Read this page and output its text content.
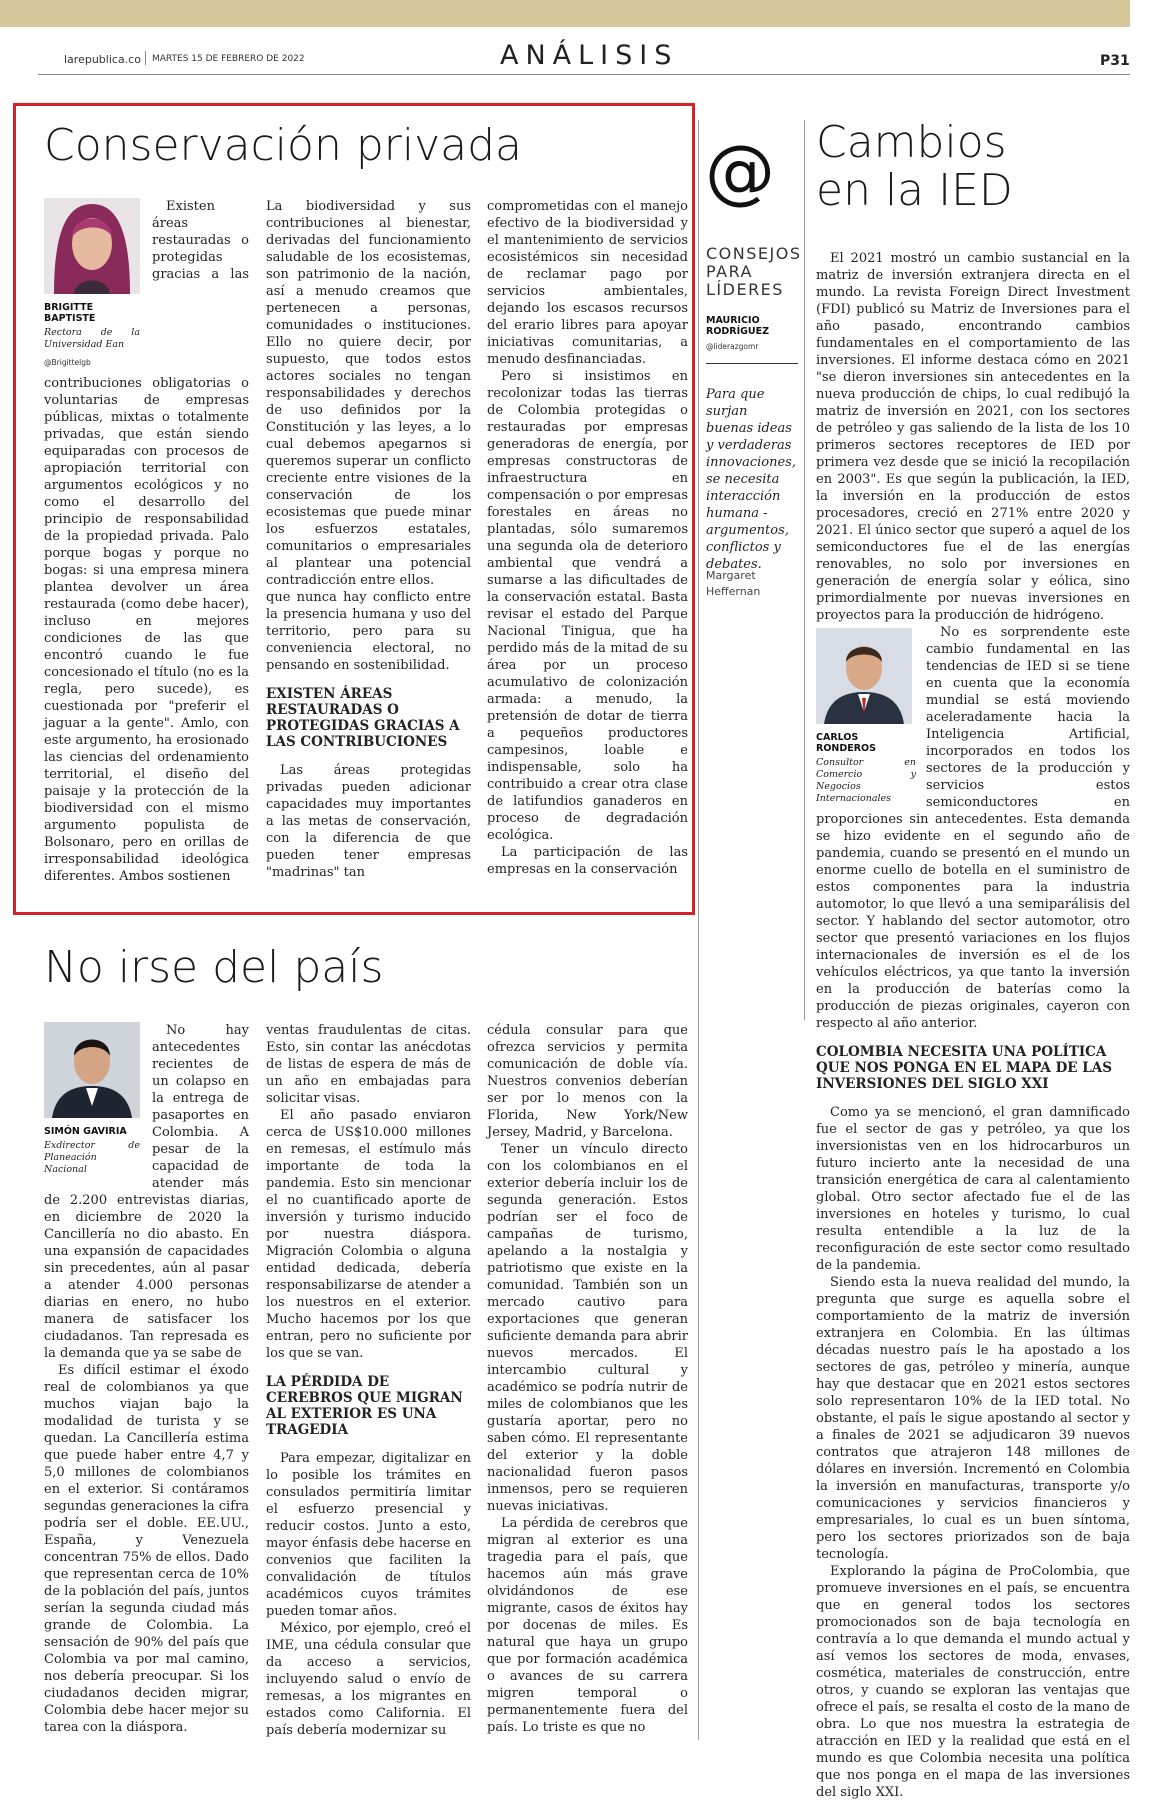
larepublica.co MARTES 15 DE FEBRERO DE 2022	ANÁLISIS	P31
Conservación privada
BRIGITTE BAPTISTE
Rectora de la Universidad Ean
@Brigittelgb

Existen áreas restauradas o protegidas gracias a las contribuciones obligatorias o voluntarias de empresas públicas, mixtas o totalmente privadas, que están siendo equiparadas con procesos de apropiación territorial con argumentos ecológicos y no como el desarrollo del principio de responsabilidad de la propiedad privada. Palo porque bogas y porque no bogas: si una empresa minera plantea devolver un área restaurada (como debe hacer), incluso en mejores condiciones de las que encontró cuando le fue concesionado el título (no es la regla, pero sucede), es cuestionada por "preferir el jaguar a la gente". Amlo, con este argumento, ha erosionado las ciencias del ordenamiento territorial, el diseño del paisaje y la protección de la biodiversidad con el mismo argumento populista de Bolsonaro, pero en orillas de irresponsabilidad ideológica diferentes. Ambos sostienen

La biodiversidad y sus contribuciones al bienestar, derivadas del funcionamiento saludable de los ecosistemas, son patrimonio de la nación, así a menudo creamos que pertenecen a personas, comunidades o instituciones. Ello no quiere decir, por supuesto, que todos estos actores sociales no tengan responsabilidades y derechos de uso definidos por la Constitución y las leyes, a lo cual debemos apegarnos si queremos superar un conflicto creciente entre visiones de la conservación de los ecosistemas que puede minar los esfuerzos estatales, comunitarios o empresariales al plantear una potencial contradicción entre ellos.

que nunca hay conflicto entre la presencia humana y uso del territorio, pero para su conveniencia electoral, no pensando en sostenibilidad.

EXISTEN ÁREAS RESTAURADAS O PROTEGIDAS GRACIAS A LAS CONTRIBUCIONES

Las áreas protegidas privadas pueden adicionar capacidades muy importantes a las metas de conservación, con la diferencia de que pueden tener empresas "madrinas" tan

comprometidas con el manejo efectivo de la biodiversidad y el mantenimiento de servicios ecosistémicos sin necesidad de reclamar pago por servicios ambientales, dejando los escasos recursos del erario libres para apoyar iniciativas comunitarias, a menudo desfinanciadas.

Pero si insistimos en recolonizar todas las tierras de Colombia protegidas o restauradas por empresas generadoras de energía, por empresas constructoras de infraestructura en compensación o por empresas forestales en áreas no plantadas, sólo sumaremos una segunda ola de deterioro ambiental que vendrá a sumarse a las dificultades de la conservación estatal. Basta revisar el estado del Parque Nacional Tinigua, que ha perdido más de la mitad de su área por un proceso acumulativo de colonización armada: a menudo, la pretensión de dotar de tierra a pequeños productores campesinos, loable e indispensable, solo ha contribuido a crear otra clase de latifundios ganaderos en proceso de degradación ecológica.

La participación de las empresas en la conservación

@
CONSEJOS PARA LÍDERES
MAURICIO RODRÍGUEZ
@liderazgomr
Para que surjan buenas ideas y verdaderas innovaciones, se necesita interacción humana - argumentos, conflictos y debates.
Margaret Heffernan
Cambios
en la IED

El 2021 mostró un cambio sustancial en la matriz de inversión extranjera directa en el mundo. La revista Foreign Direct Investment (FDI) publicó su Matriz de Inversiones para el año pasado, encontrando cambios fundamentales en el comportamiento de las inversiones. El informe destaca cómo en 2021 "se dieron inversiones sin antecedentes en la nueva producción de chips, lo cual redibujó la matriz de inversión en 2021, con los sectores de petróleo y gas saliendo de la lista de los 10 primeros sectores receptores de IED por primera vez desde que se inició la recopilación en 2003". Es que según la publicación, la IED, la inversión en la producción de estos procesadores, creció en 271% entre 2020 y 2021. El único sector que superó a aquel de los semiconductores fue el de las energías renovables, no solo por inversiones en generación de energía solar y eólica, sino primordialmente por nuevas inversiones en proyectos para la producción de hidrógeno.

CARLOS RONDEROS
Consultor en Comercio y Negocios Internacionales

No es sorprendente este cambio fundamental en las tendencias de IED si se tiene en cuenta que la economía mundial se está moviendo aceleradamente hacia la Inteligencia Artificial, incorporados en todos los sectores de la producción y servicios estos semiconductores en proporciones sin antecedentes. Esta demanda se hizo evidente en el segundo año de pandemia, cuando se presentó en el mundo un enorme cuello de botella en el suministro de estos componentes para la industria automotor, lo que llevó a una semiparálisis del sector. Y hablando del sector automotor, otro sector que presentó variaciones en los flujos internacionales de inversión es el de los vehículos eléctricos, ya que tanto la inversión en la producción de baterías como la producción de piezas originales, cayeron con respecto al año anterior.

COLOMBIA NECESITA UNA POLÍTICA QUE NOS PONGA EN EL MAPA DE LAS INVERSIONES DEL SIGLO XXI

Como ya se mencionó, el gran damnificado fue el sector de gas y petróleo, ya que los inversionistas ven en los hidrocarburos un futuro incierto ante la necesidad de una transición energética de cara al calentamiento global. Otro sector afectado fue el de las inversiones en hoteles y turismo, lo cual resulta entendible a la luz de la reconfiguración de este sector como resultado de la pandemia.

Siendo esta la nueva realidad del mundo, la pregunta que surge es aquella sobre el comportamiento de la matriz de inversión extranjera en Colombia. En las últimas décadas nuestro país le ha apostado a los sectores de gas, petróleo y minería, aunque hay que destacar que en 2021 estos sectores solo representaron 10% de la IED total. No obstante, el país le sigue apostando al sector y a finales de 2021 se adjudicaron 39 nuevos contratos que atrajeron 148 millones de dólares en inversión. Incrementó en Colombia la inversión en manufacturas, transporte y/o comunicaciones y servicios financieros y empresariales, lo cual es un buen síntoma, pero los sectores priorizados son de baja tecnología.

Explorando la página de ProColombia, que promueve inversiones en el país, se encuentra que en general todos los sectores promocionados son de baja tecnología en contravía a lo que demanda el mundo actual y así vemos los sectores de moda, envases, cosmética, materiales de construcción, entre otros, y cuando se exploran las ventajas que ofrece el país, se resalta el costo de la mano de obra. Lo que nos muestra la estrategia de atracción en IED y la realidad que está en el mundo es que Colombia necesita una política que nos ponga en el mapa de las inversiones del siglo XXI.

No irse del país
SIMÓN GAVIRIA
Exdirector de Planeación Nacional

No hay antecedentes recientes de un colapso en la entrega de pasaportes en Colombia. A pesar de la capacidad de atender más de 2.200 entrevistas diarias, en diciembre de 2020 la Cancillería no dio abasto. En una expansión de capacidades sin precedentes, aún al pasar a atender 4.000 personas diarias en enero, no hubo manera de satisfacer los ciudadanos. Tan represada es la demanda que ya se sabe de

Es difícil estimar el éxodo real de colombianos ya que muchos viajan bajo la modalidad de turista y se quedan. La Cancillería estima que puede haber entre 4,7 y 5,0 millones de colombianos en el exterior. Si contáramos segundas generaciones la cifra podría ser el doble. EE.UU., España, y Venezuela concentran 75% de ellos. Dado que representan cerca de 10% de la población del país, juntos serían la segunda ciudad más grande de Colombia. La sensación de 90% del país que Colombia va por mal camino, nos debería preocupar. Si los ciudadanos deciden migrar, Colombia debe hacer mejor su tarea con la diáspora.

ventas fraudulentas de citas. Esto, sin contar las anécdotas de listas de espera de más de un año en embajadas para solicitar visas.

El año pasado enviaron cerca de US$10.000 millones en remesas, el estímulo más importante de toda la pandemia. Esto sin mencionar el no cuantificado aporte de inversión y turismo inducido por nuestra diáspora. Migración Colombia o alguna entidad dedicada, debería responsabilizarse de atender a los nuestros en el exterior. Mucho hacemos por los que entran, pero no suficiente por los que se van.

LA PÉRDIDA DE CEREBROS QUE MIGRAN AL EXTERIOR ES UNA TRAGEDIA

Para empezar, digitalizar en lo posible los trámites en consulados permitiría limitar el esfuerzo presencial y reducir costos. Junto a esto, mayor énfasis debe hacerse en convenios que faciliten la convalidación de títulos académicos cuyos trámites pueden tomar años.

México, por ejemplo, creó el IME, una cédula consular que da acceso a servicios, incluyendo salud o envío de remesas, a los migrantes en estados como California. El país debería modernizar su

cédula consular para que ofrezca servicios y permita comunicación de doble vía. Nuestros convenios deberían ser por lo menos con la Florida, New York/New Jersey, Madrid, y Barcelona.

Tener un vínculo directo con los colombianos en el exterior debería incluir los de segunda generación. Estos podrían ser el foco de campañas de turismo, apelando a la nostalgia y patriotismo que existe en la comunidad. También son un mercado cautivo para exportaciones que generan suficiente demanda para abrir nuevos mercados. El intercambio cultural y académico se podría nutrir de miles de colombianos que les gustaría aportar, pero no saben cómo. El representante del exterior y la doble nacionalidad fueron pasos inmensos, pero se requieren nuevas iniciativas.

La pérdida de cerebros que migran al exterior es una tragedia para el país, que hacemos aún más grave olvidándonos de ese migrante, casos de éxitos hay por docenas de miles. Es natural que haya un grupo que por formación académica o avances de su carrera migren temporal o permanentemente fuera del país. Lo triste es que no
